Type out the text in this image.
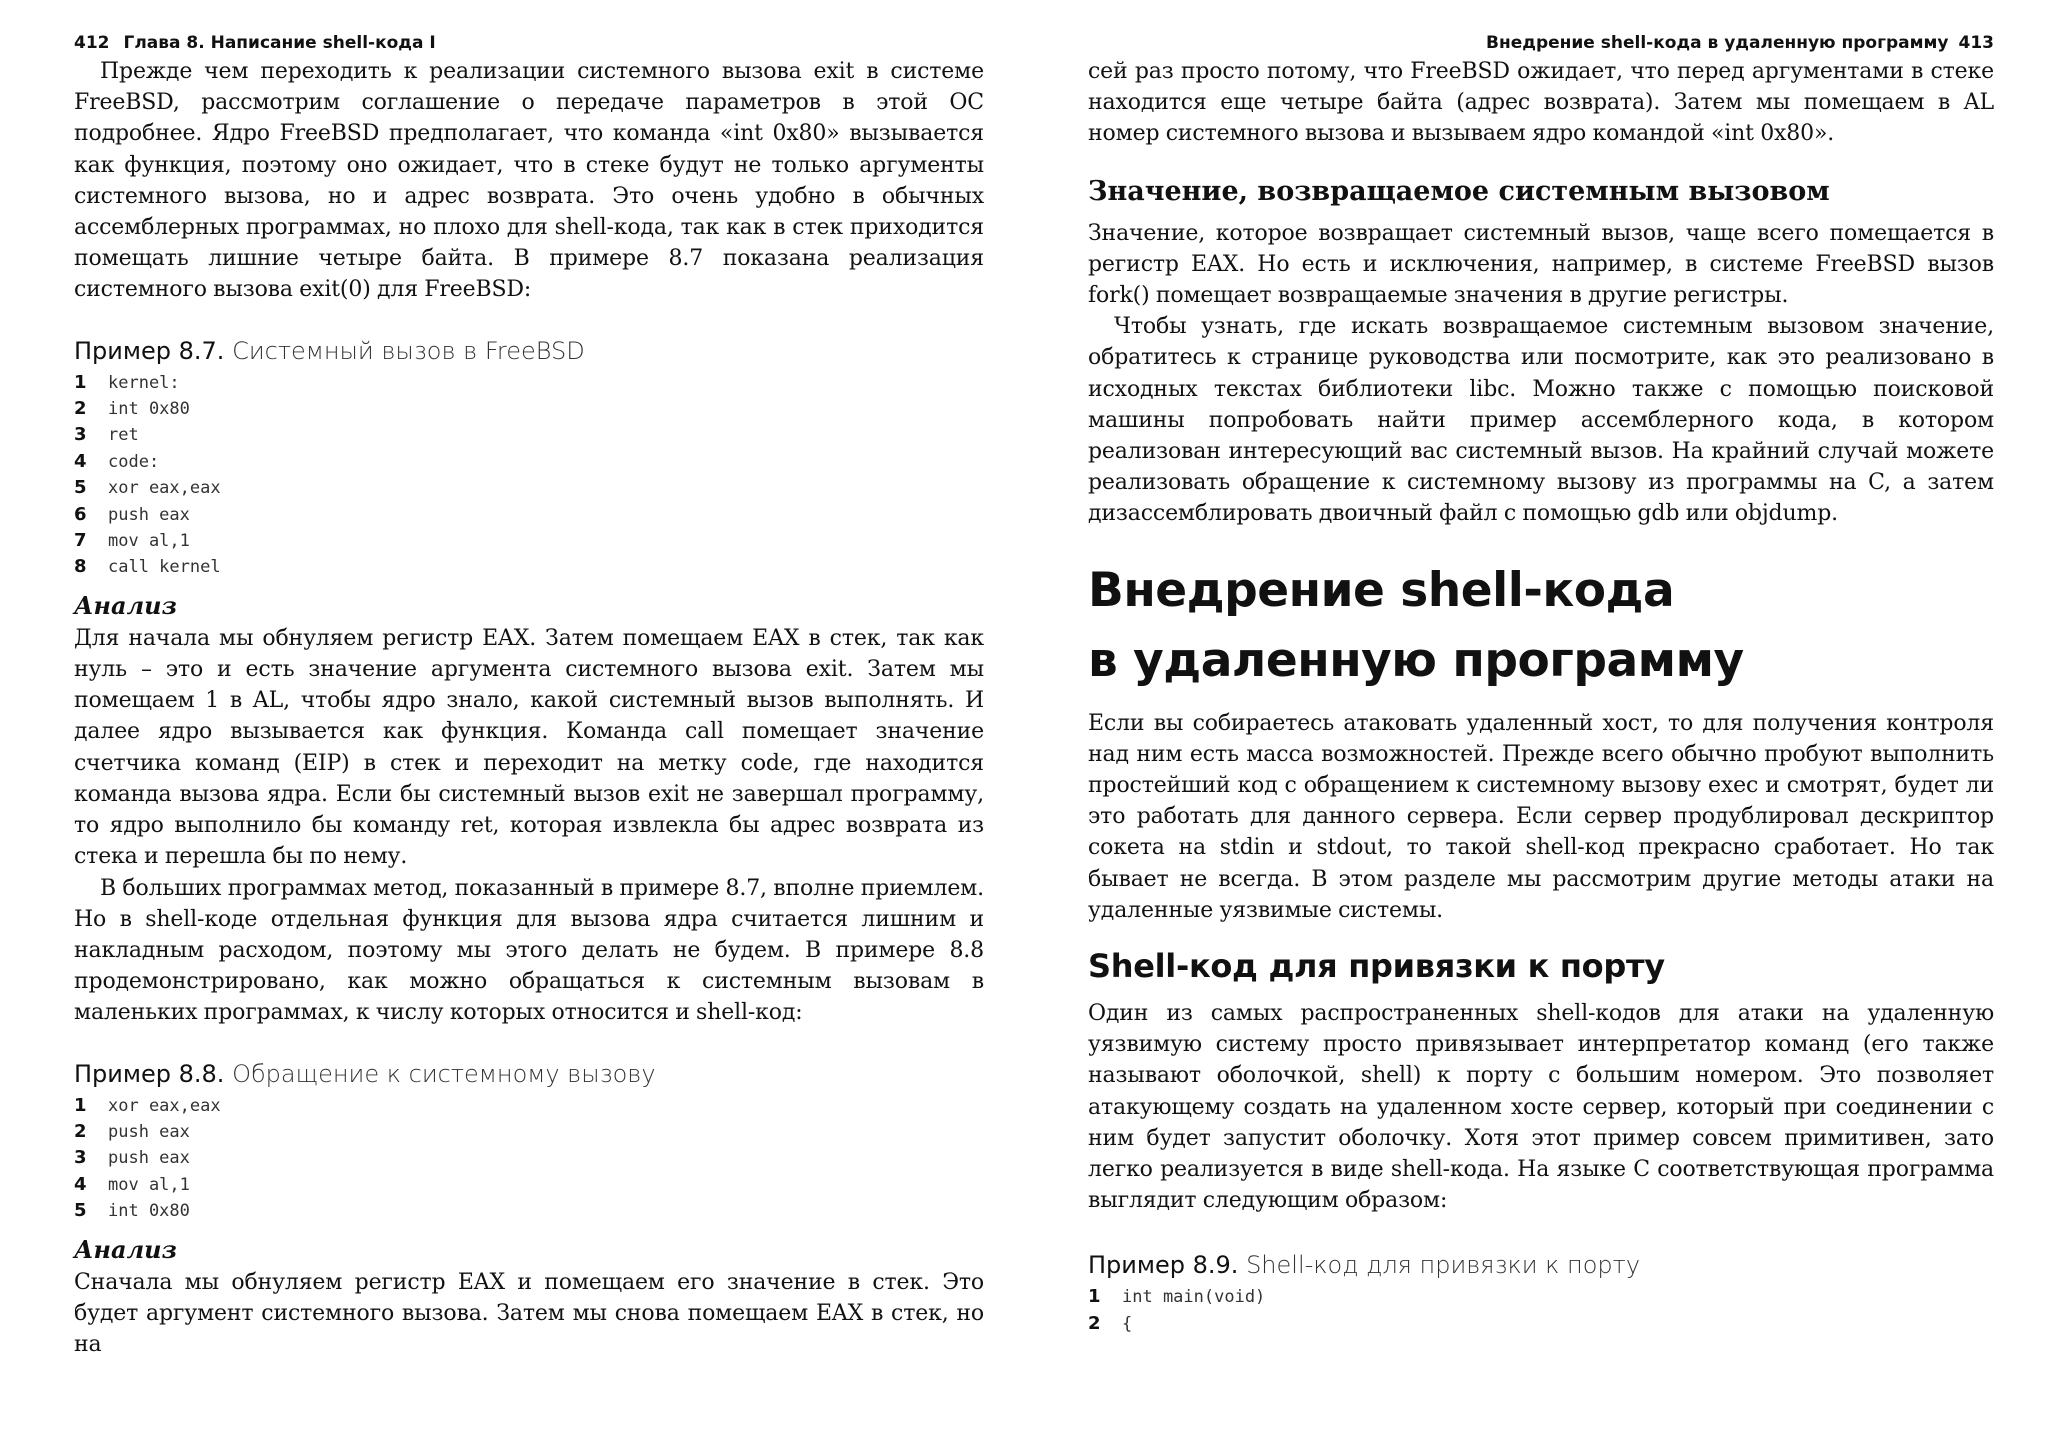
412 Глава 8. Написание shell-кода I

Прежде чем переходить к реализации системного вызова exit в системе FreeBSD, рассмотрим соглашение о передаче параметров в этой ОС подробнее. Ядро FreeBSD предполагает, что команда «int 0x80» вызывается как функция, поэтому оно ожидает, что в стеке будут не только аргументы системного вызова, но и адрес возврата. Это очень удобно в обычных ассемблерных программах, но плохо для shell-кода, так как в стек приходится помещать лишние четыре байта. В примере 8.7 показана реализация системного вызова exit(0) для FreeBSD:

Пример 8.7. Системный вызов в FreeBSD
1	kernel:
2	int 0x80
3	ret
4	code:
5	xor eax,eax
6	push eax
7	mov al,1
8	call kernel
Анализ

Для начала мы обнуляем регистр EAX. Затем помещаем EAX в стек, так как нуль – это и есть значение аргумента системного вызова exit. Затем мы помещаем 1 в AL, чтобы ядро знало, какой системный вызов выполнять. И далее ядро вызывается как функция. Команда call помещает значение счетчика команд (EIP) в стек и переходит на метку code, где находится команда вызова ядра. Если бы системный вызов exit не завершал программу, то ядро выполнило бы команду ret, которая извлекла бы адрес возврата из стека и перешла бы по нему.

В больших программах метод, показанный в примере 8.7, вполне приемлем. Но в shell-коде отдельная функция для вызова ядра считается лишним и накладным расходом, поэтому мы этого делать не будем. В примере 8.8 продемонстрировано, как можно обращаться к системным вызовам в маленьких программах, к числу которых относится и shell-код:

Пример 8.8. Обращение к системному вызову
1	xor eax,eax
2	push eax
3	push eax
4	mov al,1
5	int 0x80
Анализ

Сначала мы обнуляем регистр EAX и помещаем его значение в стек. Это будет аргумент системного вызова. Затем мы снова помещаем EAX в стек, но на

Внедрение shell-кода в удаленную программу 413

сей раз просто потому, что FreeBSD ожидает, что перед аргументами в стеке находится еще четыре байта (адрес возврата). Затем мы помещаем в AL номер системного вызова и вызываем ядро командой «int 0x80».

Значение, возвращаемое системным вызовом

Значение, которое возвращает системный вызов, чаще всего помещается в регистр EAX. Но есть и исключения, например, в системе FreeBSD вызов fork() помещает возвращаемые значения в другие регистры.

Чтобы узнать, где искать возвращаемое системным вызовом значение, обратитесь к странице руководства или посмотрите, как это реализовано в исходных текстах библиотеки libc. Можно также с помощью поисковой машины попробовать найти пример ассемблерного кода, в котором реализован интересующий вас системный вызов. На крайний случай можете реализовать обращение к системному вызову из программы на C, а затем дизассемблировать двоичный файл с помощью gdb или objdump.

Внедрение shell-кода
в удаленную программу

Если вы собираетесь атаковать удаленный хост, то для получения контроля над ним есть масса возможностей. Прежде всего обычно пробуют выполнить простейший код с обращением к системному вызову exec и смотрят, будет ли это работать для данного сервера. Если сервер продублировал дескриптор сокета на stdin и stdout, то такой shell-код прекрасно сработает. Но так бывает не всегда. В этом разделе мы рассмотрим другие методы атаки на удаленные уязвимые системы.

Shell-код для привязки к порту

Один из самых распространенных shell-кодов для атаки на удаленную уязвимую систему просто привязывает интерпретатор команд (его также называют оболочкой, shell) к порту с большим номером. Это позволяет атакующему создать на удаленном хосте сервер, который при соединении с ним будет запустит оболочку. Хотя этот пример совсем примитивен, зато легко реализуется в виде shell-кода. На языке C соответствующая программа выглядит следующим образом:

Пример 8.9. Shell-код для привязки к порту
1	int main(void)
2	{
